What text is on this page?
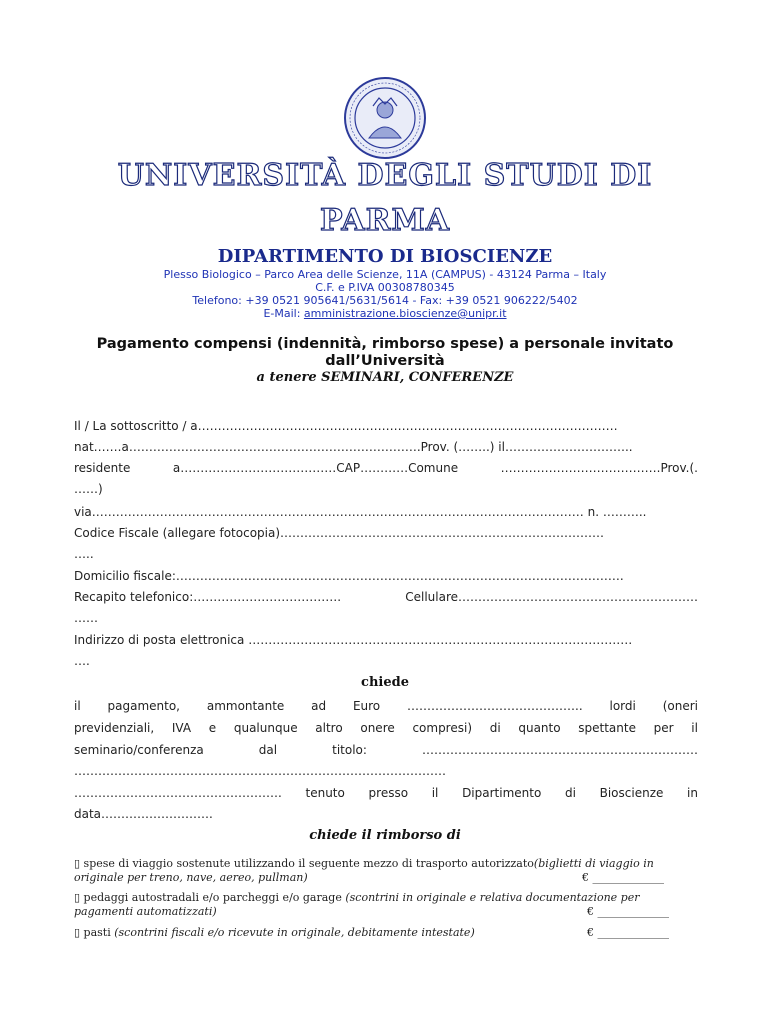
UNIVERSITÀ DEGLI STUDI DI
PARMA
DIPARTIMENTO DI BIOSCIENZE
Plesso Biologico – Parco Area delle Scienze, 11A (CAMPUS) - 43124 Parma – Italy
C.F. e P.IVA 00308780345
Telefono: +39 0521 905641/5631/5614 - Fax: +39 0521 906222/5402
E-Mail: amministrazione.bioscienze@unipr.it
Pagamento compensi (indennità, rimborso spese) a personale invitato dall’Università
a tenere SEMINARI, CONFERENZE
Il / La sottoscritto / a……………………………………………………………………………………………
nat…….a……………………………………………………………….Prov. (……..) il…………………………..
residente	a…………………………………CAP…………Comune	………………………………….Prov.(.
……)
via…………………………………………………………………………………………………………… n. ………..
Codice Fiscale (allegare fotocopia)………………………………………………………………………
…..
Domicilio fiscale:………………………………………………………………………………………………….
Recapito telefonico:……………………………….	Cellulare……………………………………………………
……
Indirizzo di posta elettronica ……………………………………………………………………………………
….
chiede
il pagamento, ammontante ad Euro …………………………………….. lordi (oneri
previdenziali, IVA e qualunque altro onere compresi) di quanto spettante per il
seminario/conferenza	dal	titolo:	……………………………………………………………
…………………………………………………………………………………
……………………………………………. tenuto presso il Dipartimento di Bioscienze in
data……………………….
chiede il rimborso di
▯ spese di viaggio sostenute utilizzando il seguente mezzo di trasporto autorizzato(biglietti di viaggio in originale per treno, nave, aereo, pullman)	€ _____________
▯ pedaggi autostradali e/o parcheggi e/o garage (scontrini in originale e relativa documentazione per pagamenti automatizzati)	€ _____________
▯ pasti (scontrini fiscali e/o ricevute in originale, debitamente intestate)	€ _____________
